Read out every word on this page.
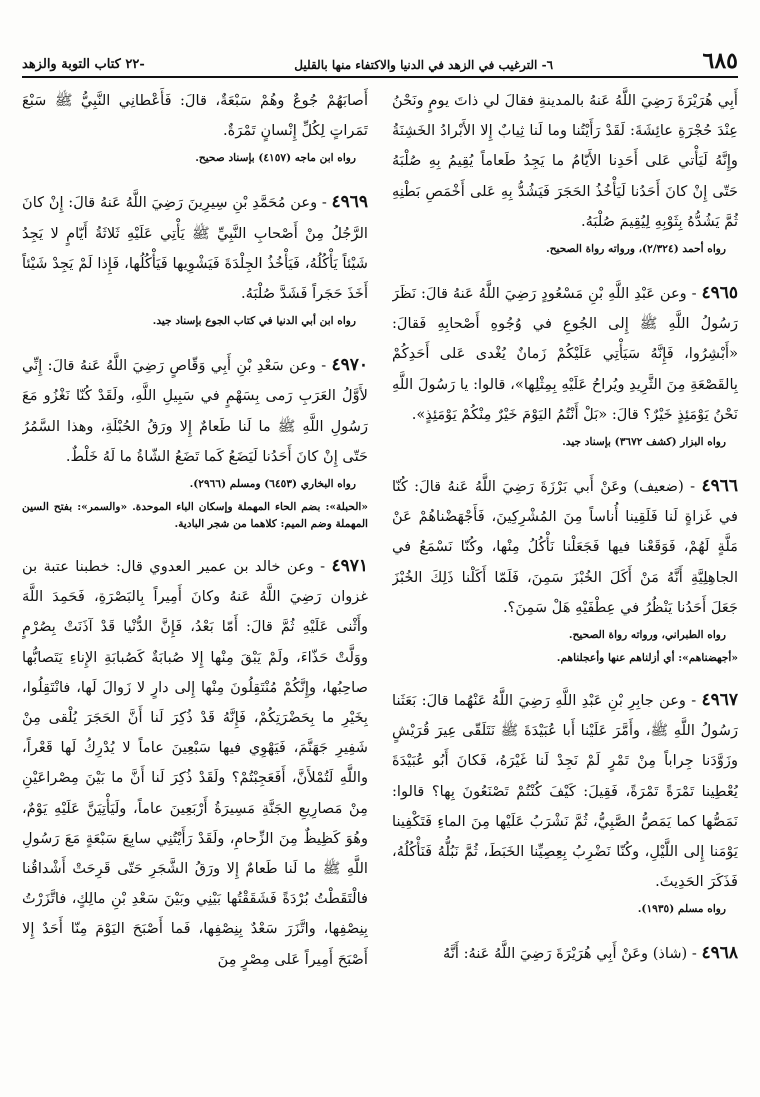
-٢٢ كتاب التوبة والزهد	٦- الترغيب في الزهد في الدنيا والاكتفاء منها بالقليل	٦٨٥

أَبِي هُرَيْرَةَ رَضِيَ اللَّهُ عَنهُ بالمدينةِ فقالَ لي ذاتَ يومٍ ونَحْنُ عِنْدَ حُجْرَةِ عائِشَةَ: لَقَدْ رَأَيْتُنا وما لَنا ثِيابٌ إِلا الأَبْرادُ الخَشِنَةُ وإِنَّهُ لَيَأْتي عَلى أَحَدِنا الأَيّامُ ما يَجِدُ طَعاماً يُقِيمُ بِهِ صُلْبَهُ حَتّى إِنْ كانَ أَحَدُنا لَيَأْخُذُ الحَجَرَ فَيَشُدُّ بِهِ عَلى أَخْمَصِ بَطْنِهِ ثُمَّ يَشُدُّهُ بِثَوْبِهِ لِيُقِيمَ صُلْبَهُ.

رواه أحمد (٢/٣٢٤)، ورواته رواة الصحيح.

٤٩٦٥ - وعن عَبْدِ اللَّهِ بْنِ مَسْعُودٍ رَضِيَ اللَّهُ عَنهُ قالَ: نَظَرَ رَسُولُ اللَّهِ ﷺ إِلى الجُوعِ في وُجُوهِ أَصْحابِهِ فَقالَ: «أَبْشِرُوا، فَإِنَّهُ سَيَأْتِي عَلَيْكُمْ زَمانٌ يُغْدى عَلى أَحَدِكُمْ بِالقَصْعَةِ مِنَ الثَّرِيدِ ويُراحُ عَلَيْهِ بِمِثْلِها»، قالوا: يا رَسُولَ اللَّهِ نَحْنُ يَوْمَئِذٍ خَيْرٌ؟ قالَ: «بَلْ أَنْتُمُ اليَوْمَ خَيْرٌ مِنْكُمْ يَوْمَئِذٍ».

رواه البزار (كشف ٣٦٧٢) بإسناد جيد.

٤٩٦٦ - (ضعيف) وعَنْ أَبي بَرْزَةَ رَضِيَ اللَّهُ عَنهُ قالَ: كُنّا في غَزاةٍ لَنا فَلَقِينا أُناساً مِنَ المُشْرِكِينَ، فَأَجْهَضْناهُمْ عَنْ مَلَّةٍ لَهُمْ، فَوَقَعْنا فيها فَجَعَلْنا نَأْكُلُ مِنْها، وكُنّا نَسْمَعُ في الجاهِلِيَّةِ أَنَّهُ مَنْ أَكَلَ الخُبْزَ سَمِنَ، فَلَمّا أَكَلْنا ذَلِكَ الخُبْزَ جَعَلَ أَحَدُنا يَنْظُرُ في عِطْفَيْهِ هَلْ سَمِنَ؟.

رواه الطبراني، ورواته رواة الصحيح.
«أجهضناهم»: أي أزلناهم عنها وأعجلناهم.

٤٩٦٧ - وعن جابِرِ بْنِ عَبْدِ اللَّهِ رَضِيَ اللَّهُ عَنْهُما قالَ: بَعَثَنا رَسُولُ اللَّهِ ﷺ، وأَمَّرَ عَلَيْنا أَبا عُبَيْدَةَ ﷺ نَتَلَقّى عِيرَ قُرَيْشٍ وزَوَّدَنا جِراباً مِنْ تَمْرٍ لَمْ نَجِدْ لَنا غَيْرَهُ، فَكانَ أَبُو عُبَيْدَةَ يُعْطِينا تَمْرَةً تَمْرَةً، فَقِيلَ: كَيْفَ كُنْتُمْ تَصْنَعُونَ بِها؟ قالوا: نَمَصُّها كما يَمَصُّ الصَّبِيُّ، ثُمَّ نَشْرَبُ عَلَيْها مِنَ الماءِ فَتَكْفِينا يَوْمَنا إِلى اللَّيْلِ، وكُنّا نَضْرِبُ بِعِصِيِّنا الخَبَطَ، ثُمَّ نَبُلُّهُ فَنَأْكُلُهُ، فَذَكَرَ الحَدِيثَ.

رواه مسلم (١٩٣٥).

٤٩٦٨ - (شاذ) وعَنْ أَبِي هُرَيْرَةَ رَضِيَ اللَّهُ عَنهُ: أَنَّهُ

أَصابَهُمْ جُوعٌ وهُمْ سَبْعَةٌ، قالَ: فَأَعْطانِي النَّبِيُّ ﷺ سَبْعَ تَمَراتٍ لِكُلِّ إِنْسانٍ تَمْرَةٌ.

رواه ابن ماجه (٤١٥٧) بإسناد صحيح.

٤٩٦٩ - وعن مُحَمَّدِ بْنِ سِيرِينَ رَضِيَ اللَّهُ عَنهُ قالَ: إِنْ كانَ الرَّجُلُ مِنْ أَصْحابِ النَّبِيِّ ﷺ يَأْتِي عَلَيْهِ ثَلاثَةُ أَيّامٍ لا يَجِدُ شَيْئاً يَأْكُلُهُ، فَيَأْخُذُ الجِلْدَةَ فَيَشْوِيها فَيَأْكُلُها، فَإِذا لَمْ يَجِدْ شَيْئاً أَخَذَ حَجَراً فَشَدَّ صُلْبَهُ.

رواه ابن أبي الدنيا في كتاب الجوع بإسناد جيد.

٤٩٧٠ - وعن سَعْدِ بْنِ أَبِي وَقّاصٍ رَضِيَ اللَّهُ عَنهُ قالَ: إِنِّي لأَوَّلُ العَرَبِ رَمى بِسَهْمٍ في سَبِيلِ اللَّهِ، ولَقَدْ كُنّا نَغْزُو مَعَ رَسُولِ اللَّهِ ﷺ ما لَنا طَعامٌ إِلا ورَقُ الحُبْلَةِ، وهذا السَّمُرُ حَتّى إِنْ كانَ أَحَدُنا لَيَضَعُ كَما تَضَعُ الشّاةُ ما لَهُ خَلْطٌ.

رواه البخاري (٦٤٥٣) ومسلم (٢٩٦٦).
«الحبلة»: بضم الحاء المهملة وإسكان الباء الموحدة. «والسمر»: بفتح السين المهملة وضم الميم: كلاهما من شجر البادية.

٤٩٧١ - وعن خالد بن عمير العدوي قال: خطبنا عتبة بن غزوان رَضِيَ اللَّهُ عَنهُ وكانَ أَمِيراً بِالبَصْرَةِ، فَحَمِدَ اللَّهَ وأَثْنى عَلَيْهِ ثُمَّ قالَ: أَمّا بَعْدُ، فَإِنَّ الدُّنْيا قَدْ آذَنَتْ بِصُرْمٍ ووَلَّتْ حَذّاءَ، ولَمْ يَبْقَ مِنْها إِلا صُبابَةٌ كَصُبابَةِ الإِناءِ يَتَصابُّها صاحِبُها، وإِنَّكُمْ مُنْتَقِلُونَ مِنْها إِلى دارٍ لا زَوالَ لَها، فانْتَقِلُوا، بِخَيْرِ ما بِحَضْرَتِكُمْ، فَإِنَّهُ قَدْ ذُكِرَ لَنا أَنَّ الحَجَرَ يُلْقى مِنْ شَفِيرِ جَهَنَّمَ، فَيَهْوِي فيها سَبْعِينَ عاماً لا يُدْرِكُ لَها قَعْراً، واللَّهِ لَتُمْلأَنَّ، أَفَعَجِبْتُمْ؟ ولَقَدْ ذُكِرَ لَنا أَنَّ ما بَيْنَ مِصْراعَيْنِ مِنْ مَصارِيعِ الجَنَّةِ مَسِيرَةُ أَرْبَعِينَ عاماً، ولَيَأْتِيَنَّ عَلَيْهِ يَوْمٌ، وهُوَ كَظِيظٌ مِنَ الزِّحامِ، ولَقَدْ رَأَيْتُنِي سابِعَ سَبْعَةٍ مَعَ رَسُولِ اللَّهِ ﷺ ما لَنا طَعامٌ إِلا ورَقُ الشَّجَرِ حَتّى قَرِحَتْ أَشْداقُنا فالْتَقَطْتُ بُرْدَةً فَشَقَقْتُها بَيْنِي وبَيْنَ سَعْدِ بْنِ مالِكٍ، فاتَّزَرْتُ بِنِصْفِها، واتَّزَرَ سَعْدٌ بِنِصْفِها، فَما أَصْبَحَ اليَوْمَ مِنّا أَحَدٌ إِلا أَصْبَحَ أَمِيراً عَلى مِصْرٍ مِنَ
